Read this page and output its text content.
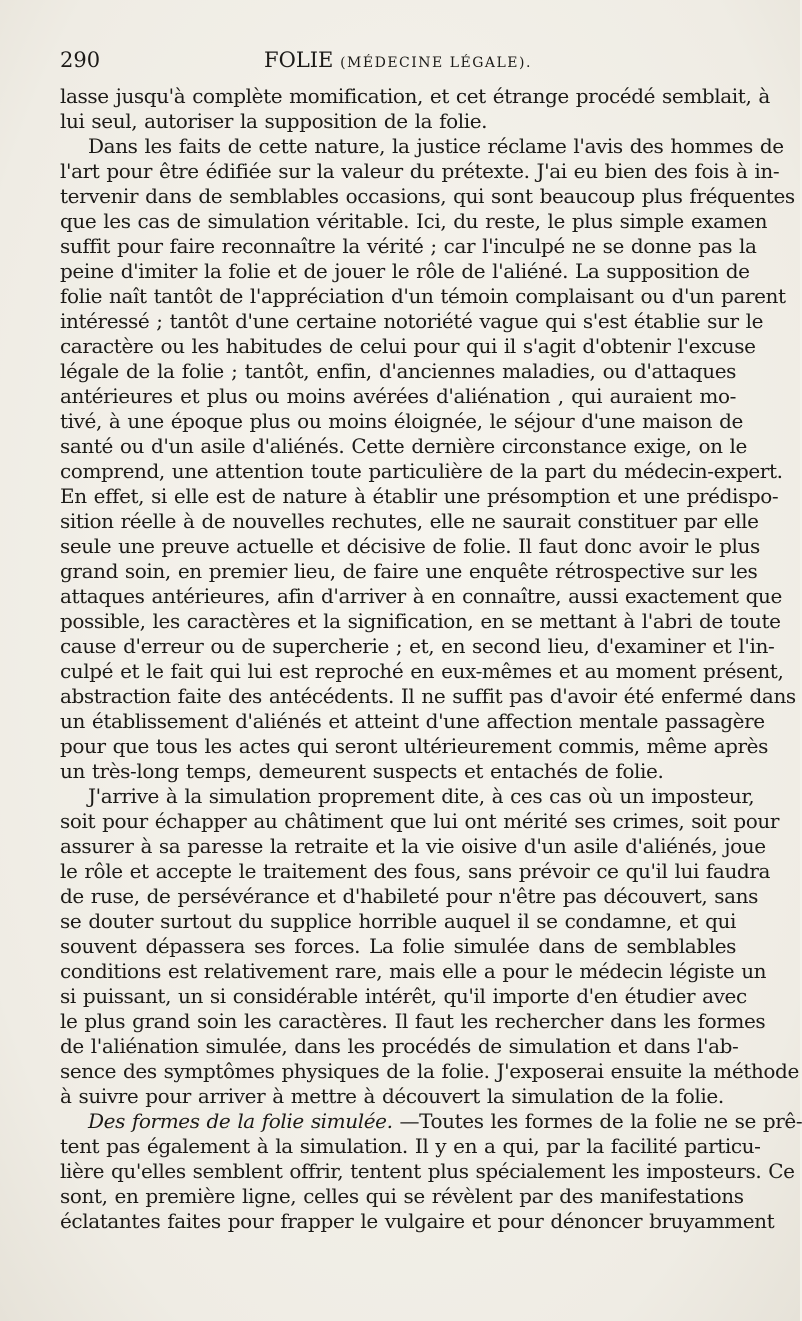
290	FOLIE (MÉDECINE LÉGALE).
lasse jusqu'à complète momification, et cet étrange procédé semblait, à
lui seul, autoriser la supposition de la folie.
Dans les faits de cette nature, la justice réclame l'avis des hommes de
l'art pour être édifiée sur la valeur du prétexte. J'ai eu bien des fois à in-
tervenir dans de semblables occasions, qui sont beaucoup plus fréquentes
que les cas de simulation véritable. Ici, du reste, le plus simple examen
suffit pour faire reconnaître la vérité ; car l'inculpé ne se donne pas la
peine d'imiter la folie et de jouer le rôle de l'aliéné. La supposition de
folie naît tantôt de l'appréciation d'un témoin complaisant ou d'un parent
intéressé ; tantôt d'une certaine notoriété vague qui s'est établie sur le
caractère ou les habitudes de celui pour qui il s'agit d'obtenir l'excuse
légale de la folie ; tantôt, enfin, d'anciennes maladies, ou d'attaques
antérieures et plus ou moins avérées d'aliénation , qui auraient mo-
tivé, à une époque plus ou moins éloignée, le séjour d'une maison de
santé ou d'un asile d'aliénés. Cette dernière circonstance exige, on le
comprend, une attention toute particulière de la part du médecin-expert.
En effet, si elle est de nature à établir une présomption et une prédispo-
sition réelle à de nouvelles rechutes, elle ne saurait constituer par elle
seule une preuve actuelle et décisive de folie. Il faut donc avoir le plus
grand soin, en premier lieu, de faire une enquête rétrospective sur les
attaques antérieures, afin d'arriver à en connaître, aussi exactement que
possible, les caractères et la signification, en se mettant à l'abri de toute
cause d'erreur ou de supercherie ; et, en second lieu, d'examiner et l'in-
culpé et le fait qui lui est reproché en eux-mêmes et au moment présent,
abstraction faite des antécédents. Il ne suffit pas d'avoir été enfermé dans
un établissement d'aliénés et atteint d'une affection mentale passagère
pour que tous les actes qui seront ultérieurement commis, même après
un très-long temps, demeurent suspects et entachés de folie.
J'arrive à la simulation proprement dite, à ces cas où un imposteur,
soit pour échapper au châtiment que lui ont mérité ses crimes, soit pour
assurer à sa paresse la retraite et la vie oisive d'un asile d'aliénés, joue
le rôle et accepte le traitement des fous, sans prévoir ce qu'il lui faudra
de ruse, de persévérance et d'habileté pour n'être pas découvert, sans
se douter surtout du supplice horrible auquel il se condamne, et qui
souvent dépassera ses forces. La folie simulée dans de semblables
conditions est relativement rare, mais elle a pour le médecin légiste un
si puissant, un si considérable intérêt, qu'il importe d'en étudier avec
le plus grand soin les caractères. Il faut les rechercher dans les formes
de l'aliénation simulée, dans les procédés de simulation et dans l'ab-
sence des symptômes physiques de la folie. J'exposerai ensuite la méthode
à suivre pour arriver à mettre à découvert la simulation de la folie.
Des formes de la folie simulée. —Toutes les formes de la folie ne se prê-
tent pas également à la simulation. Il y en a qui, par la facilité particu-
lière qu'elles semblent offrir, tentent plus spécialement les imposteurs. Ce
sont, en première ligne, celles qui se révèlent par des manifestations
éclatantes faites pour frapper le vulgaire et pour dénoncer bruyamment
